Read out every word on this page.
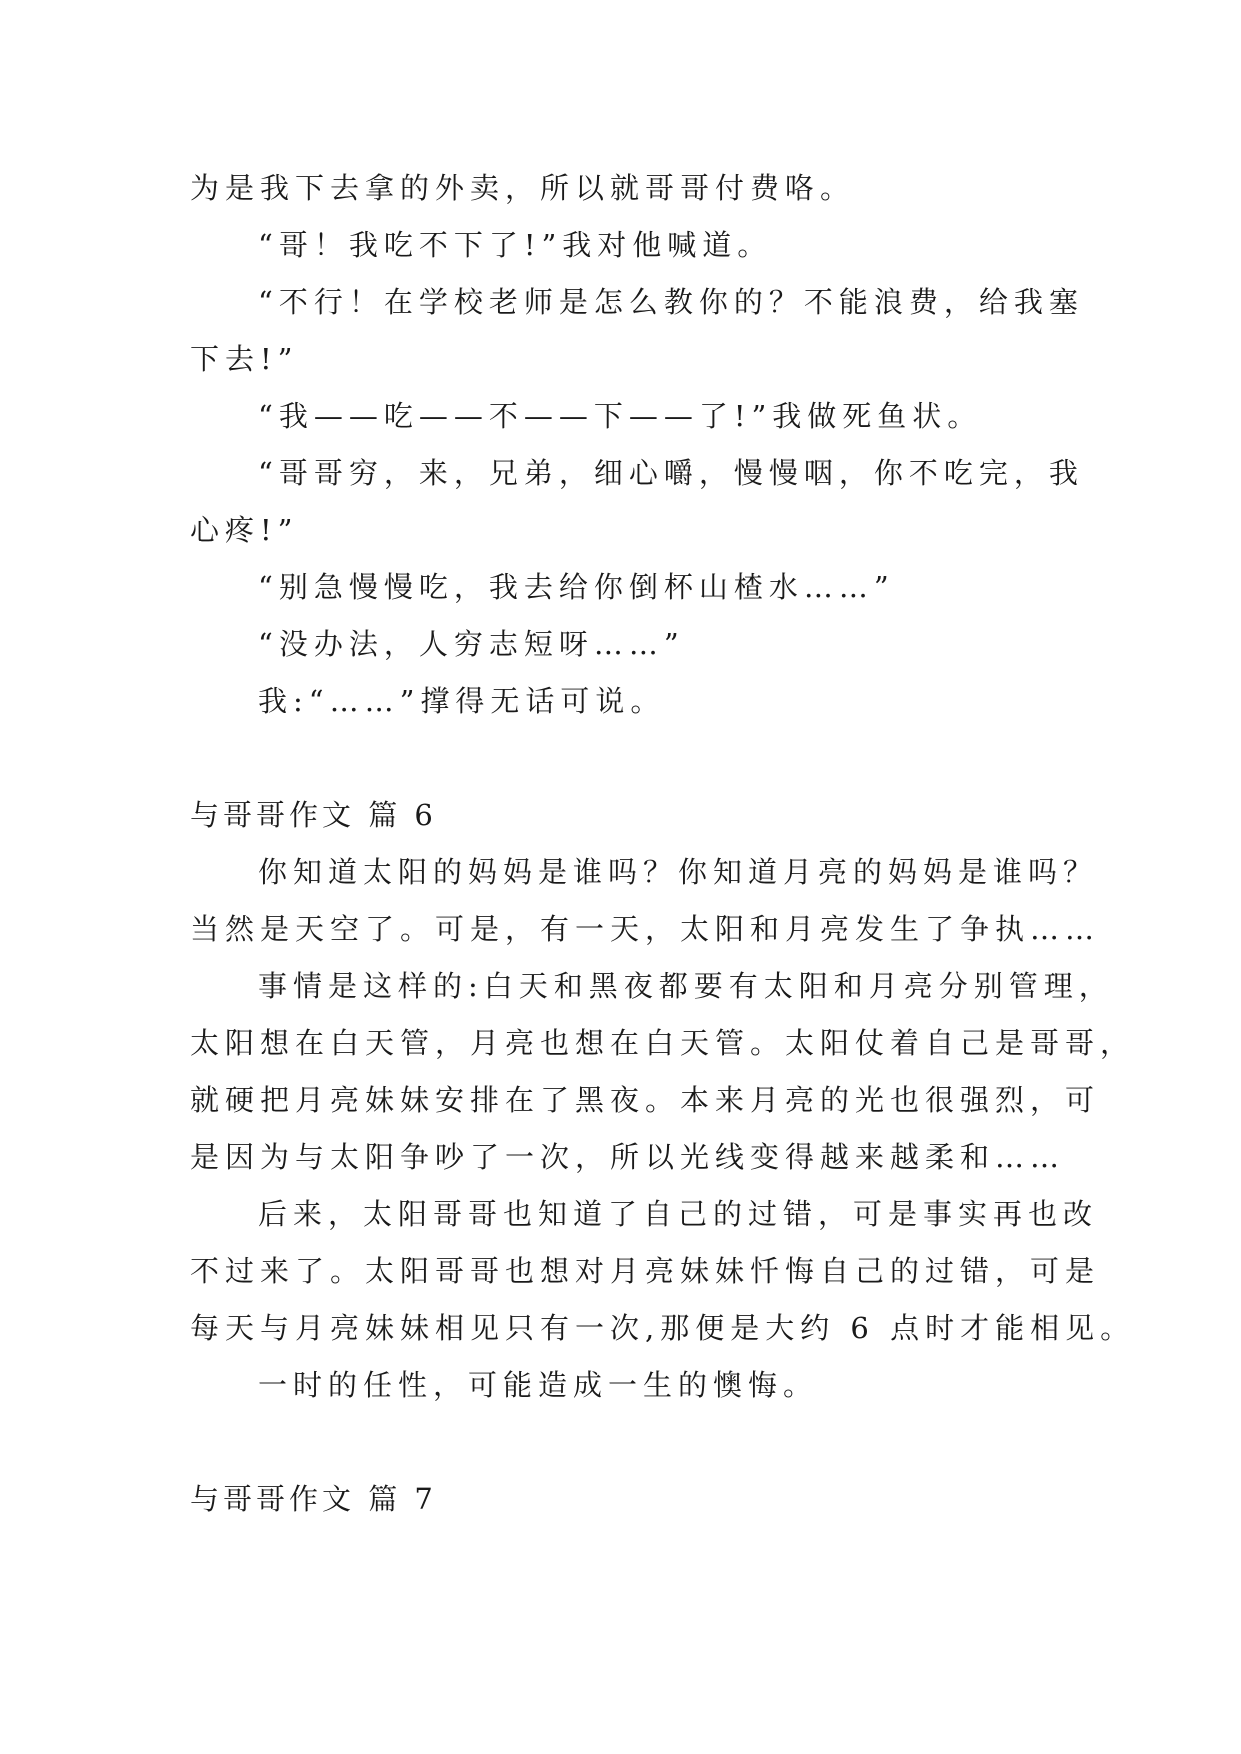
为是我下去拿的外卖，所以就哥哥付费咯。
“哥！我吃不下了!”我对他喊道。
“不行！在学校老师是怎么教你的？不能浪费，给我塞
下去!”
“我——吃——不——下——了!”我做死鱼状。
“哥哥穷，来，兄弟，细心嚼，慢慢咽，你不吃完，我
心疼!”
“别急慢慢吃，我去给你倒杯山楂水……”
“没办法，人穷志短呀……”
我:“……”撑得无话可说。
与哥哥作文 篇 6
你知道太阳的妈妈是谁吗？你知道月亮的妈妈是谁吗？
当然是天空了。可是，有一天，太阳和月亮发生了争执……
事情是这样的:白天和黑夜都要有太阳和月亮分别管理，
太阳想在白天管，月亮也想在白天管。太阳仗着自己是哥哥，
就硬把月亮妹妹安排在了黑夜。本来月亮的光也很强烈，可
是因为与太阳争吵了一次，所以光线变得越来越柔和……
后来，太阳哥哥也知道了自己的过错，可是事实再也改
不过来了。太阳哥哥也想对月亮妹妹忏悔自己的过错，可是
每天与月亮妹妹相见只有一次,那便是大约 6 点时才能相见。
一时的任性，可能造成一生的懊悔。
与哥哥作文 篇 7
